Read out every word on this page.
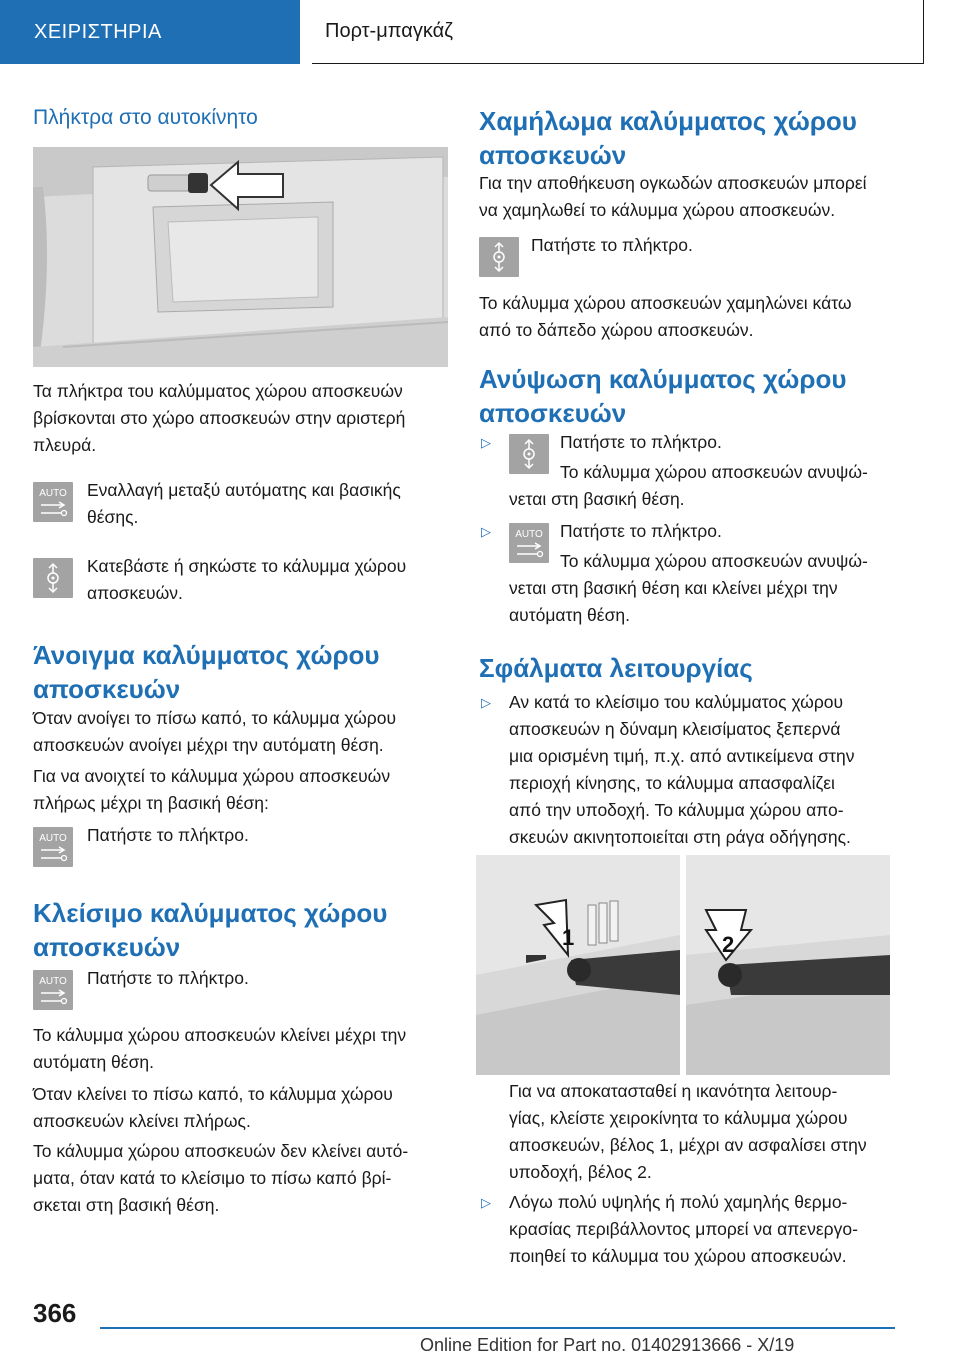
ΧΕΙΡΙΣΤΗΡΙΑ	Πορτ-μπαγκάζ
Πλήκτρα στο αυτοκίνητο
Τα πλήκτρα του καλύμματος χώρου αποσκευών
βρίσκονται στο χώρο αποσκευών στην αριστερή
πλευρά.
AUTO Εναλλαγή μεταξύ αυτόματης και βασικής
θέσης.
Κατεβάστε ή σηκώστε το κάλυμμα χώρου
αποσκευών.
Άνοιγμα καλύμματος χώρου
αποσκευών
Όταν ανοίγει το πίσω καπό, το κάλυμμα χώρου
αποσκευών ανοίγει μέχρι την αυτόματη θέση.
Για να ανοιχτεί το κάλυμμα χώρου αποσκευών
πλήρως μέχρι τη βασική θέση:
AUTO Πατήστε το πλήκτρο.
Κλείσιμο καλύμματος χώρου
αποσκευών
AUTO Πατήστε το πλήκτρο.
Το κάλυμμα χώρου αποσκευών κλείνει μέχρι την
αυτόματη θέση.
Όταν κλείνει το πίσω καπό, το κάλυμμα χώρου
αποσκευών κλείνει πλήρως.
Το κάλυμμα χώρου αποσκευών δεν κλείνει αυτό-
ματα, όταν κατά το κλείσιμο το πίσω καπό βρί-
σκεται στη βασική θέση.
Χαμήλωμα καλύμματος χώρου
αποσκευών
Για την αποθήκευση ογκωδών αποσκευών μπορεί
να χαμηλωθεί το κάλυμμα χώρου αποσκευών.
Πατήστε το πλήκτρο.
Το κάλυμμα χώρου αποσκευών χαμηλώνει κάτω
από το δάπεδο χώρου αποσκευών.
Ανύψωση καλύμματος χώρου
αποσκευών
▷	Πατήστε το πλήκτρο.
Το κάλυμμα χώρου αποσκευών ανυψώ-
νεται στη βασική θέση.
▷ AUTO Πατήστε το πλήκτρο.
Το κάλυμμα χώρου αποσκευών ανυψώ-
νεται στη βασική θέση και κλείνει μέχρι την
αυτόματη θέση.
Σφάλματα λειτουργίας
▷ Αν κατά το κλείσιμο του καλύμματος χώρου
αποσκευών η δύναμη κλεισίματος ξεπερνά
μια ορισμένη τιμή, π.χ. από αντικείμενα στην
περιοχή κίνησης, το κάλυμμα απασφαλίζει
από την υποδοχή. Το κάλυμμα χώρου απο-
σκευών ακινητοποιείται στη ράγα οδήγησης.
1	2
Για να αποκατασταθεί η ικανότητα λειτουρ-
γίας, κλείστε χειροκίνητα το κάλυμμα χώρου
αποσκευών, βέλος 1, μέχρι αν ασφαλίσει στην
υποδοχή, βέλος 2.
▷ Λόγω πολύ υψηλής ή πολύ χαμηλής θερμο-
κρασίας περιβάλλοντος μπορεί να απενεργο-
ποιηθεί το κάλυμμα του χώρου αποσκευών.
366
Online Edition for Part no. 01402913666 - X/19
